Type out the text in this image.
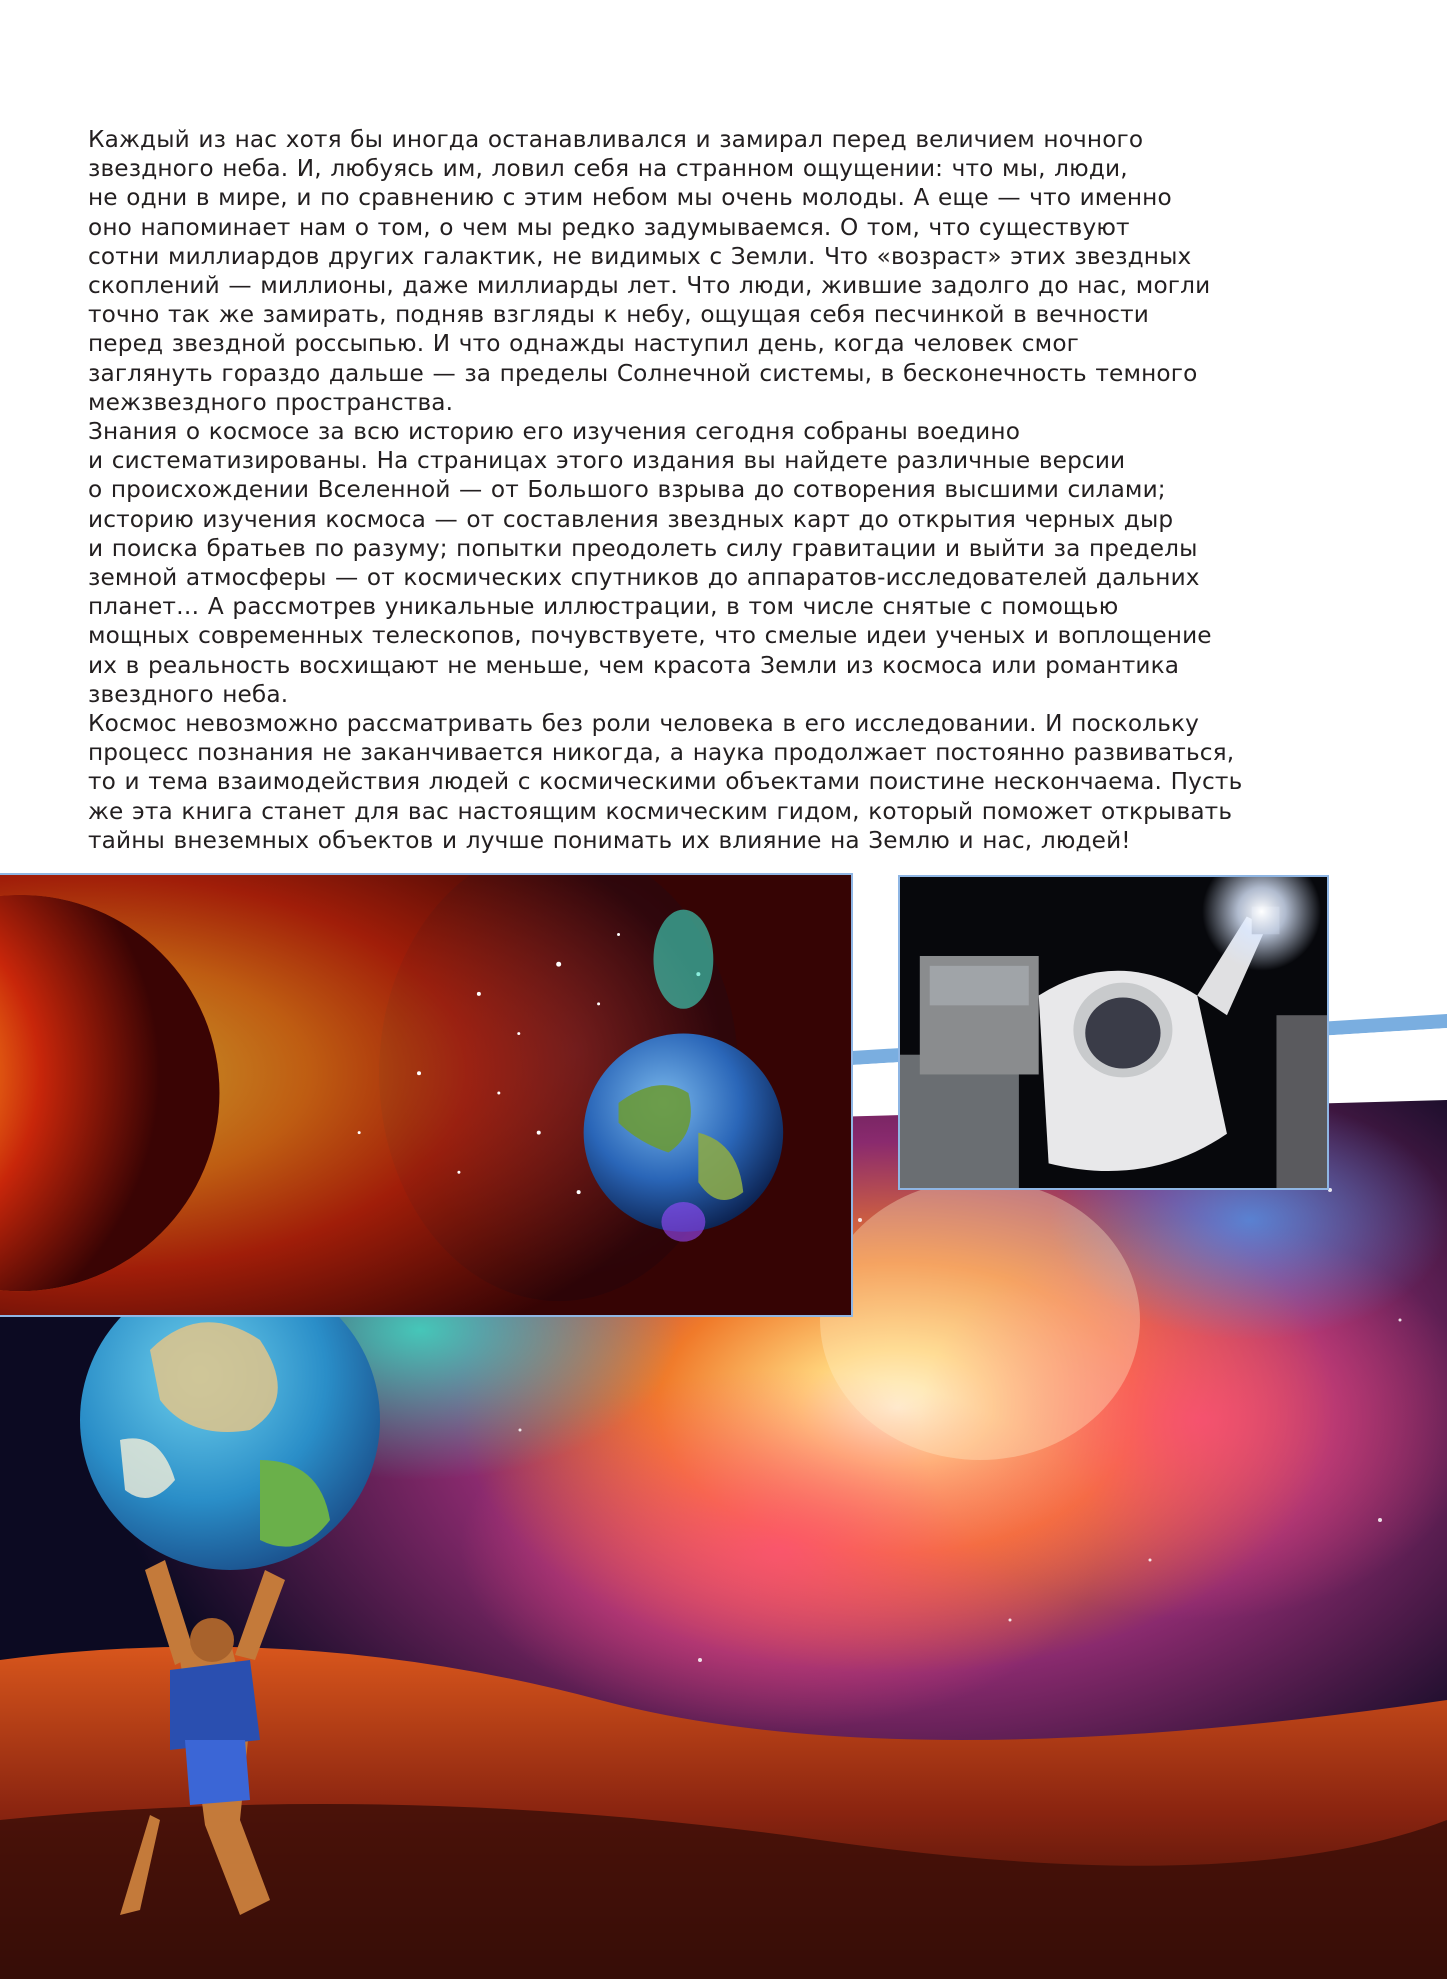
Каждый из нас хотя бы иногда останавливался и замирал перед величием ночного
звездного неба. И, любуясь им, ловил себя на странном ощущении: что мы, люди,
не одни в мире, и по сравнению с этим небом мы очень молоды. А еще — что именно
оно напоминает нам о том, о чем мы редко задумываемся. О том, что существуют
сотни миллиардов других галактик, не видимых с Земли. Что «возраст» этих звездных
скоплений — миллионы, даже миллиарды лет. Что люди, жившие задолго до нас, могли
точно так же замирать, подняв взгляды к небу, ощущая себя песчинкой в вечности
перед звездной россыпью. И что однажды наступил день, когда человек смог
заглянуть гораздо дальше — за пределы Солнечной системы, в бесконечность темного
межзвездного пространства.
Знания о космосе за всю историю его изучения сегодня собраны воедино
и систематизированы. На страницах этого издания вы найдете различные версии
о происхождении Вселенной — от Большого взрыва до сотворения высшими силами;
историю изучения космоса — от составления звездных карт до открытия черных дыр
и поиска братьев по разуму; попытки преодолеть силу гравитации и выйти за пределы
земной атмосферы — от космических спутников до аппаратов-исследователей дальних
планет… А рассмотрев уникальные иллюстрации, в том числе снятые с помощью
мощных современных телескопов, почувствуете, что смелые идеи ученых и воплощение
их в реальность восхищают не меньше, чем красота Земли из космоса или романтика
звездного неба.
Космос невозможно рассматривать без роли человека в его исследовании. И поскольку
процесс познания не заканчивается никогда, а наука продолжает постоянно развиваться,
то и тема взаимодействия людей с космическими объектами поистине нескончаема. Пусть
же эта книга станет для вас настоящим космическим гидом, который поможет открывать
тайны внеземных объектов и лучше понимать их влияние на Землю и нас, людей!
